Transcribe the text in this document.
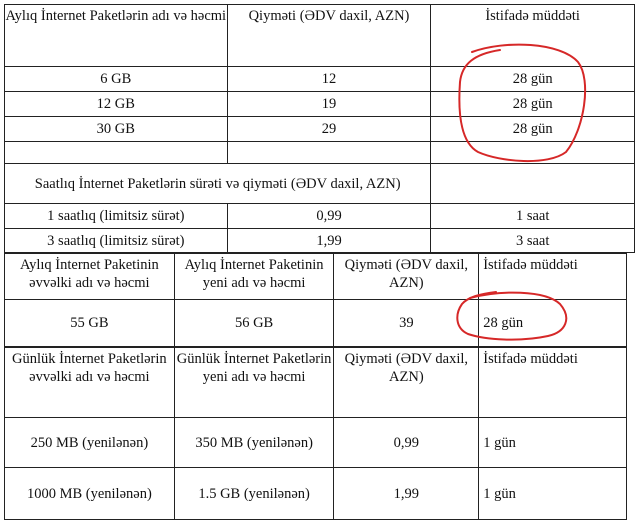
Aylıq İnternet Paketlərin adı və həcmi	Qiyməti (ƏDV daxil, AZN)	İstifadə müddəti
6 GB	12	28 gün
12 GB	19	28 gün
30 GB	29	28 gün

Saatlıq İnternet Paketlərin sürəti və qiyməti (ƏDV daxil, AZN)		
1 saatlıq (limitsiz sürət)	0,99	1 saat
3 saatlıq (limitsiz sürət)	1,99	3 saat
Aylıq İnternet Paketinin əvvəlki adı və həcmi	Aylıq İnternet Paketinin yeni adı və həcmi	Qiyməti (ƏDV daxil, AZN)	İstifadə müddəti
55 GB	56 GB	39	28 gün
Günlük İnternet Paketlərin əvvəlki adı və həcmi	Günlük İnternet Paketlərin yeni adı və həcmi	Qiyməti (ƏDV daxil, AZN)	İstifadə müddəti
250 MB (yenilənən)	350 MB (yenilənən)	0,99	1 gün
1000 MB (yenilənən)	1.5 GB (yenilənən)	1,99	1 gün
